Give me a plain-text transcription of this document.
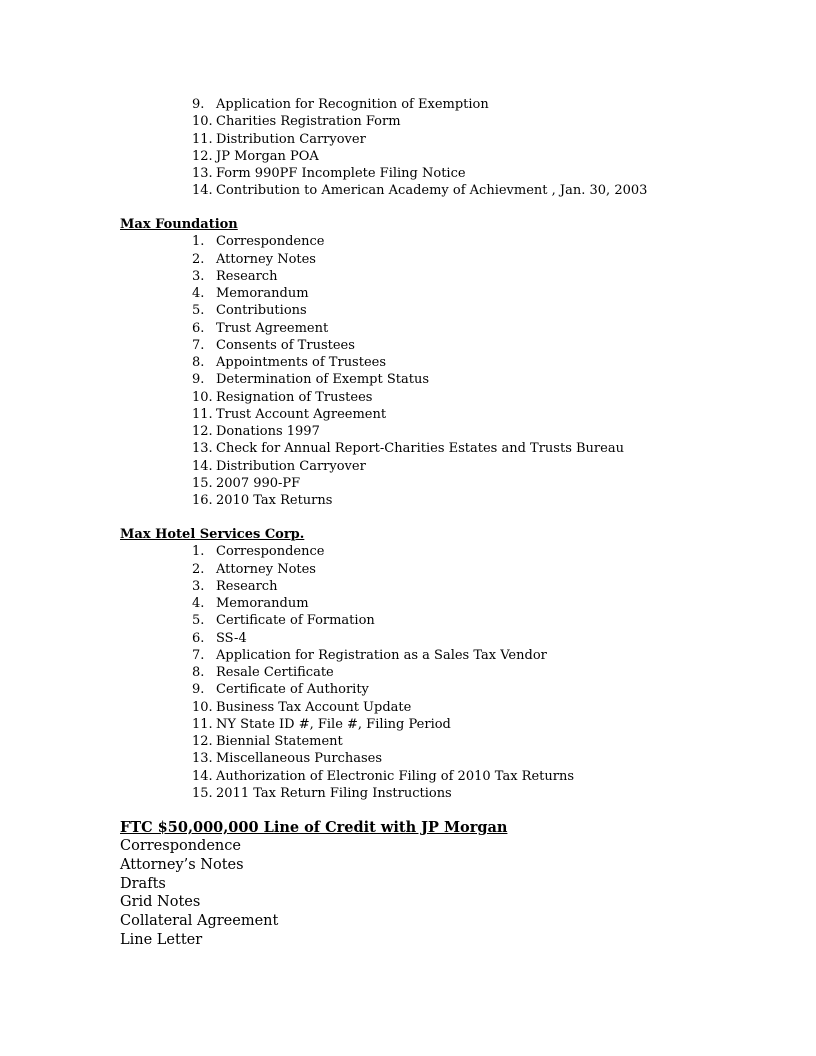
9. Application for Recognition of Exemption
10. Charities Registration Form
11. Distribution Carryover
12. JP Morgan POA
13. Form 990PF Incomplete Filing Notice
14. Contribution to American Academy of Achievment , Jan. 30, 2003
Max Foundation
1. Correspondence
2. Attorney Notes
3. Research
4. Memorandum
5. Contributions
6. Trust Agreement
7. Consents of Trustees
8. Appointments of Trustees
9. Determination of Exempt Status
10. Resignation of Trustees
11. Trust Account Agreement
12. Donations 1997
13. Check for Annual Report-Charities Estates and Trusts Bureau
14. Distribution Carryover
15. 2007 990-PF
16. 2010 Tax Returns
Max Hotel Services Corp.
1. Correspondence
2. Attorney Notes
3. Research
4. Memorandum
5. Certificate of Formation
6. SS-4
7. Application for Registration as a Sales Tax Vendor
8. Resale Certificate
9. Certificate of Authority
10. Business Tax Account Update
11. NY State ID #, File #, Filing Period
12. Biennial Statement
13. Miscellaneous Purchases
14. Authorization of Electronic Filing of 2010 Tax Returns
15. 2011 Tax Return Filing Instructions
FTC $50,000,000 Line of Credit with JP Morgan
Correspondence
Attorney’s Notes
Drafts
Grid Notes
Collateral Agreement
Line Letter
